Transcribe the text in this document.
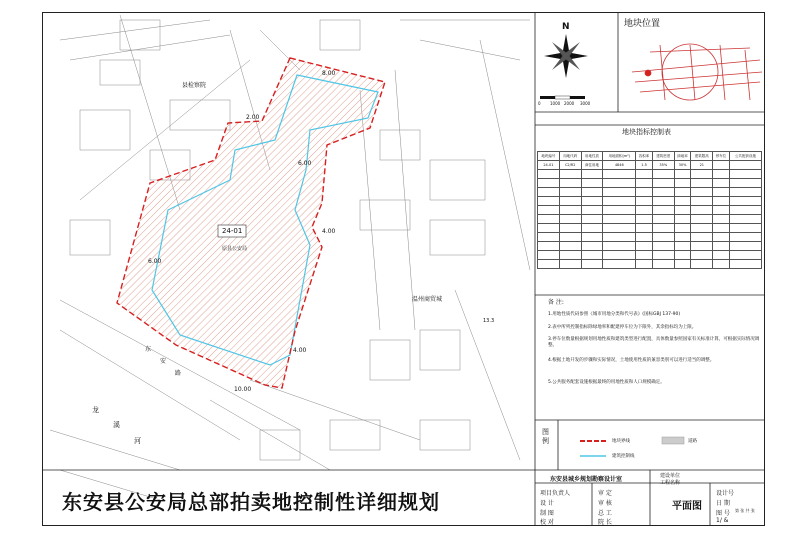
24-01
原县公安局
县检察院
温州商贸城
龙
溪
河
东
安
路
13.3
8.00
2.00
6.00
4.00
6.00
4.00
10.00
N
0 1000 2000 3000
地块位置
地块指标控制表
地块编号	用地代码	用地性质	用地面积(m²)	容积率	建筑密度	绿地率	建筑限高	停车位	公共配套设施
24-01	C2/R2	商住用地	4846	1.5	35%	30%	21		

备 注:
1.用地性质代码参照《城市用地分类和代号表》(国标GBJ 137-90)
2.表中所列控制指标除绿地率和配建停车位为下限外，其余指标均为上限。
3.停车位数量根据规划用地性质和建筑类型进行配置，具体数量参照国家有关标准计算，可根据实际情况调整。
4.根据土地开发的步骤和实际情况，土地使用性质的兼容类别可以进行适当的调整。
5.公共服务配套设施根据最终的用地性质和人口规模确定。
图例	地块界线
建筑控制线
道路
东安县公安局总部拍卖地控制性详细规划
东安县城乡规划勘察设计室	建设单位
工程名称
平面图
项目负责人
设 计
制 图
校 对
审 定
审 核
总 工
院 长
设计号
日 期
图 号
1/ &
第 张 共 张
